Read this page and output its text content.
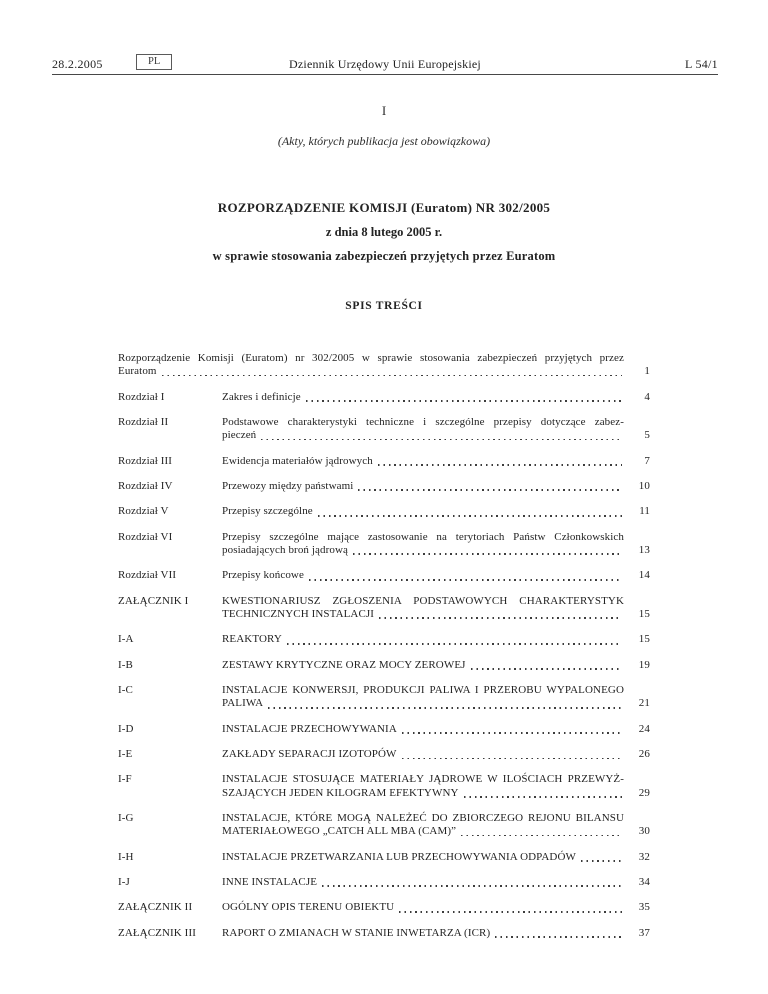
28.2.2005	PL	Dziennik Urzędowy Unii Europejskiej	L 54/1
I
(Akty, których publikacja jest obowiązkowa)
ROZPORZĄDZENIE KOMISJI (Euratom) NR 302/2005
z dnia 8 lutego 2005 r.
w sprawie stosowania zabezpieczeń przyjętych przez Euratom
SPIS TREŚCI
Rozporządzenie Komisji (Euratom) nr 302/2005 w sprawie stosowania zabezpieczeń przyjętych przez
Euratom	1
Rozdział I	Zakres i definicje	4
Rozdział II	Podstawowe charakterystyki techniczne i szczególne przepisy dotyczące zabez-
pieczeń	5
Rozdział III	Ewidencja materiałów jądrowych	7
Rozdział IV	Przewozy między państwami	10
Rozdział V	Przepisy szczególne	11
Rozdział VI	Przepisy szczególne mające zastosowanie na terytoriach Państw Członkowskich
posiadających broń jądrową	13
Rozdział VII	Przepisy końcowe	14
ZAŁĄCZNIK I	KWESTIONARIUSZ ZGŁOSZENIA PODSTAWOWYCH CHARAKTERYSTYK
TECHNICZNYCH INSTALACJI	15
I-A	REAKTORY	15
I-B	ZESTAWY KRYTYCZNE ORAZ MOCY ZEROWEJ	19
I-C	INSTALACJE KONWERSJI, PRODUKCJI PALIWA I PRZEROBU WYPALONEGO
PALIWA	21
I-D	INSTALACJE PRZECHOWYWANIA	24
I-E	ZAKŁADY SEPARACJI IZOTOPÓW	26
I-F	INSTALACJE STOSUJĄCE MATERIAŁY JĄDROWE W ILOŚCIACH PRZEWYŻ-
SZAJĄCYCH JEDEN KILOGRAM EFEKTYWNY	29
I-G	INSTALACJE, KTÓRE MOGĄ NALEŻEĆ DO ZBIORCZEGO REJONU BILANSU
MATERIAŁOWEGO „CATCH ALL MBA (CAM)”	30
I-H	INSTALACJE PRZETWARZANIA LUB PRZECHOWYWANIA ODPADÓW	32
I-J	INNE INSTALACJE	34
ZAŁĄCZNIK II	OGÓLNY OPIS TERENU OBIEKTU	35
ZAŁĄCZNIK III	RAPORT O ZMIANACH W STANIE INWETARZA (ICR)	37
